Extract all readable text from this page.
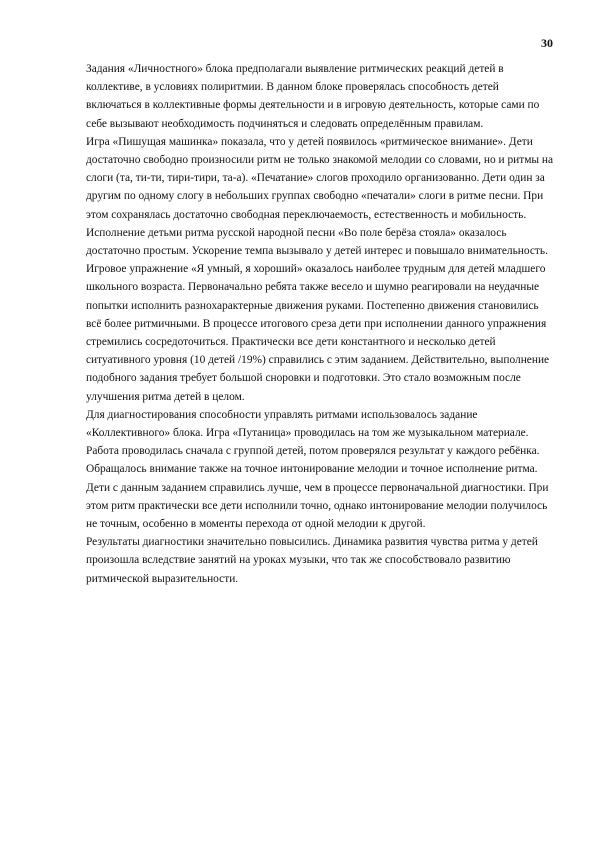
30

Задания «Личностного» блока предполагали выявление ритмических реакций детей в коллективе, в условиях полиритмии. В данном блоке проверялась способность детей включаться в коллективные формы деятельности и в игровую деятельность, которые сами по себе вызывают необходимость подчиняться и следовать определённым правилам.

Игра «Пишущая машинка» показала, что у детей появилось «ритмическое внимание». Дети достаточно свободно произносили ритм не только знакомой мелодии со словами, но и ритмы на слоги (та, ти-ти, тири-тири, та-а). «Печатание» слогов проходило организованно. Дети один за другим по одному слогу в небольших группах свободно «печатали» слоги в ритме песни. При этом сохранялась достаточно свободная переключаемость, естественность и мобильность.

Исполнение детьми ритма русской народной песни «Во поле берёза стояла» оказалось достаточно простым. Ускорение темпа вызывало у детей интерес и повышало внимательность.

Игровое упражнение «Я умный, я хороший» оказалось наиболее трудным для детей младшего школьного возраста. Первоначально ребята также весело и шумно реагировали на неудачные попытки исполнить разнохарактерные движения руками. Постепенно движения становились всё более ритмичными. В процессе итогового среза дети при исполнении данного упражнения стремились сосредоточиться. Практически все дети константного и несколько детей ситуативного уровня (10 детей /19%) справились с этим заданием. Действительно, выполнение подобного задания требует большой сноровки и подготовки. Это стало возможным после улучшения ритма детей в целом.

Для диагностирования способности управлять ритмами использовалось задание «Коллективного» блока. Игра «Путаница» проводилась на том же музыкальном материале. Работа проводилась сначала с группой детей, потом проверялся результат у каждого ребёнка. Обращалось внимание также на точное интонирование мелодии и точное исполнение ритма. Дети с данным заданием справились лучше, чем в процессе первоначальной диагностики. При этом ритм практически все дети исполнили точно, однако интонирование мелодии получилось не точным, особенно в моменты перехода от одной мелодии к другой.

Результаты диагностики значительно повысились. Динамика развития чувства ритма у детей произошла вследствие занятий на уроках музыки, что так же способствовало развитию ритмической выразительности.
